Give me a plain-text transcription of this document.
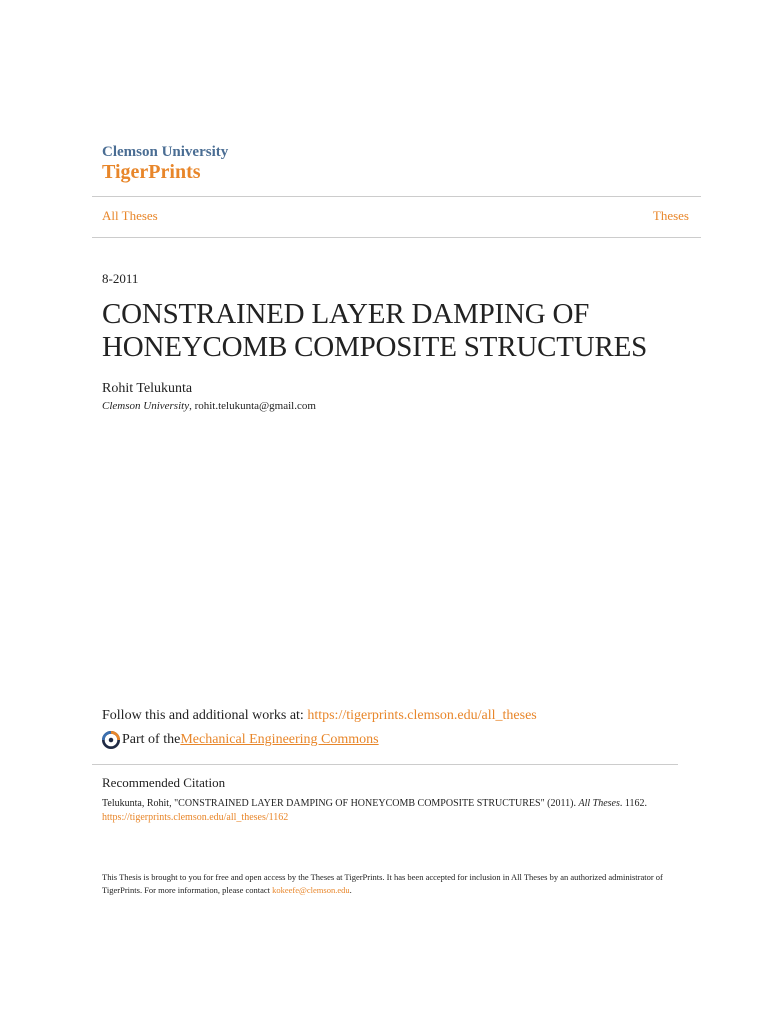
Clemson University
TigerPrints
All Theses	Theses
8-2011
CONSTRAINED LAYER DAMPING OF HONEYCOMB COMPOSITE STRUCTURES
Rohit Telukunta
Clemson University, rohit.telukunta@gmail.com
Follow this and additional works at: https://tigerprints.clemson.edu/all_theses
Part of the Mechanical Engineering Commons
Recommended Citation
Telukunta, Rohit, "CONSTRAINED LAYER DAMPING OF HONEYCOMB COMPOSITE STRUCTURES" (2011). All Theses. 1162.
https://tigerprints.clemson.edu/all_theses/1162
This Thesis is brought to you for free and open access by the Theses at TigerPrints. It has been accepted for inclusion in All Theses by an authorized administrator of TigerPrints. For more information, please contact kokeefe@clemson.edu.
